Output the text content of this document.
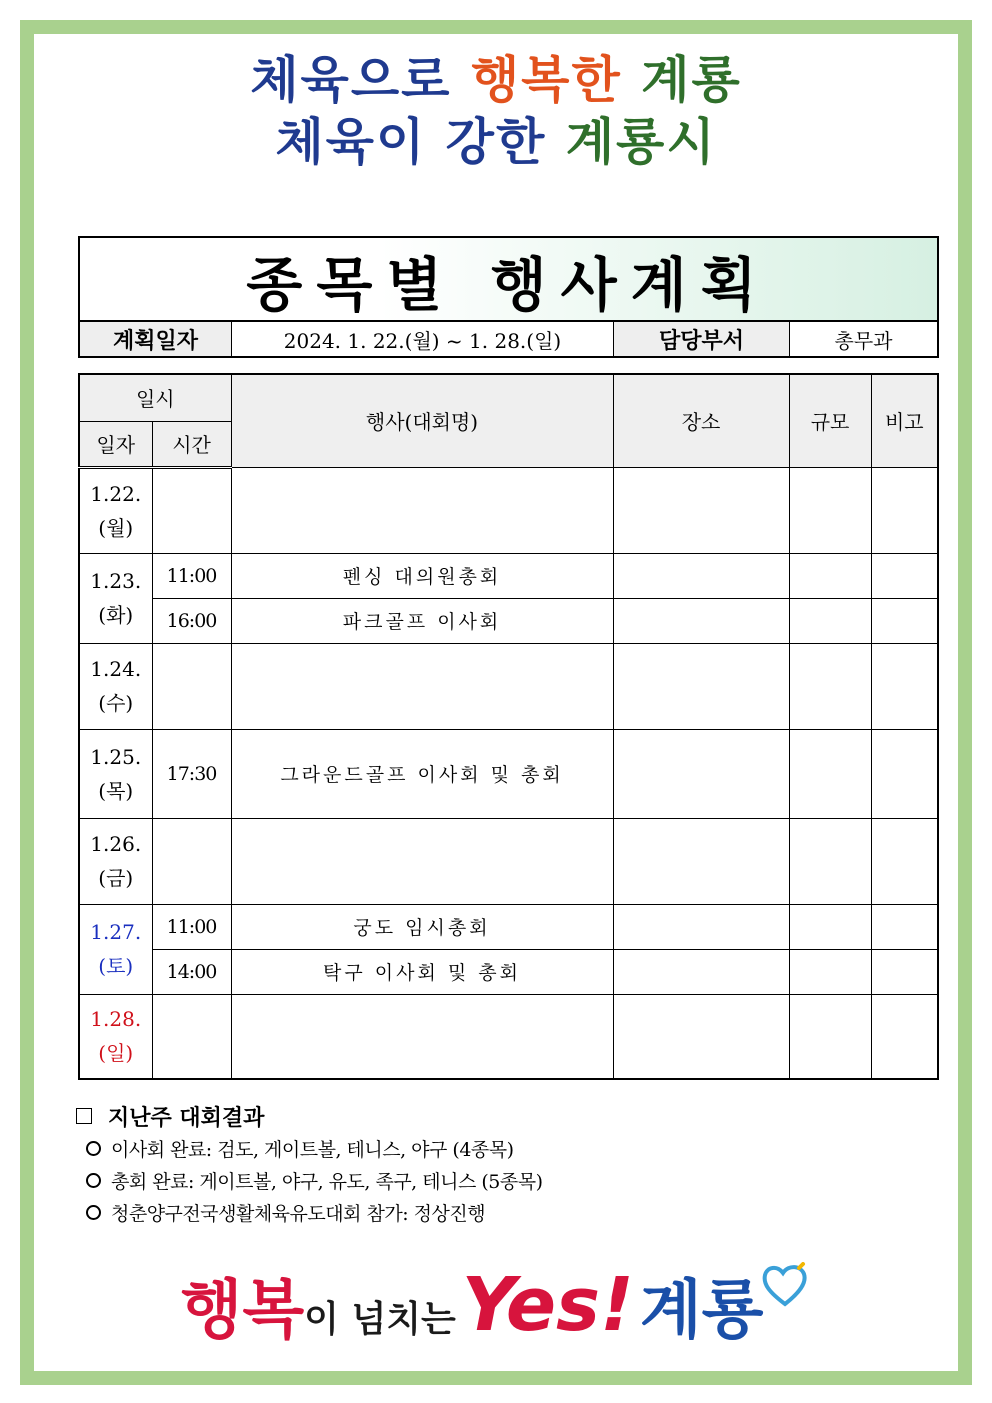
체육으로 행복한 계룡
체육이 강한 계룡시
종목별 행사계획
계획일자	2024. 1. 22.(월) ~ 1. 28.(일)	담당부서	총무과
일시		행사(대회명)	장소	규모	비고
일자	시간				

1.22.
(월)					

1.23.
(화)	11:00	펜싱 대의원총회			
	16:00	파크골프 이사회			

1.24.
(수)					

1.25.
(목)	17:30	그라운드골프 이사회 및 총회			

1.26.
(금)					

1.27.
(토)	11:00	궁도 임시총회			
	14:00	탁구 이사회 및 총회			

1.28.
(일)					

지난주 대회결과
이사회 완료: 검도, 게이트볼, 테니스, 야구 (4종목)
총회 완료: 게이트볼, 야구, 유도, 족구, 테니스 (5종목)
청춘양구전국생활체육유도대회 참가: 정상진행
행복 이 넘치는 Yes! 계룡
